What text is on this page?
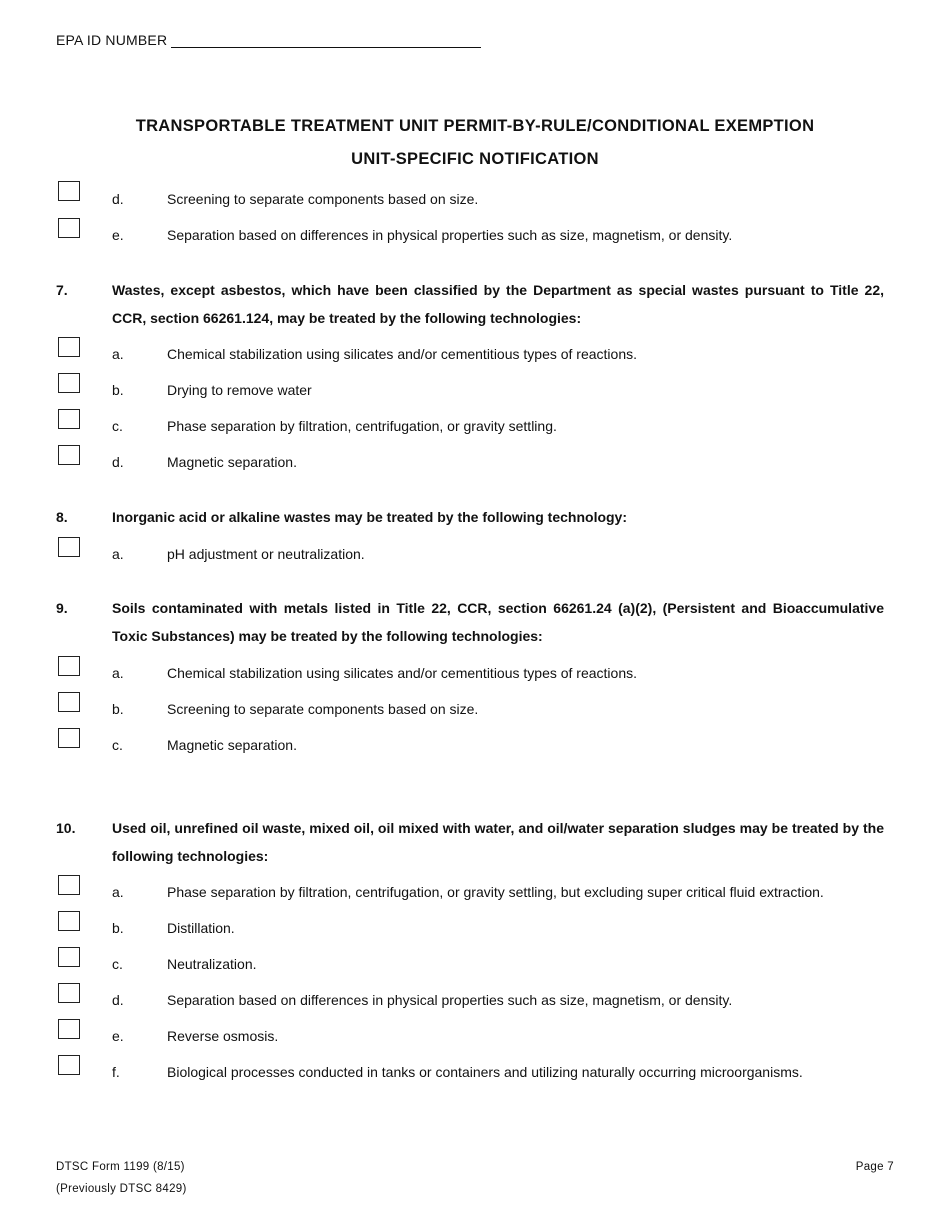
EPA ID NUMBER
TRANSPORTABLE TREATMENT UNIT PERMIT-BY-RULE/CONDITIONAL EXEMPTION
UNIT-SPECIFIC NOTIFICATION
d.	Screening to separate components based on size.
e.	Separation based on differences in physical properties such as size, magnetism, or density.
7.	Wastes, except asbestos, which have been classified by the Department as special wastes pursuant to Title 22, CCR, section 66261.124, may be treated by the following technologies:
a.	Chemical stabilization using silicates and/or cementitious types of reactions.
b.	Drying to remove water
c.	Phase separation by filtration, centrifugation, or gravity settling.
d.	Magnetic separation.
8.	Inorganic acid or alkaline wastes may be treated by the following technology:
a.	pH adjustment or neutralization.
9.	Soils contaminated with metals listed in Title 22, CCR, section 66261.24 (a)(2), (Persistent and Bioaccumulative Toxic Substances) may be treated by the following technologies:
a.	Chemical stabilization using silicates and/or cementitious types of reactions.
b.	Screening to separate components based on size.
c.	Magnetic separation.
10.	Used oil, unrefined oil waste, mixed oil, oil mixed with water, and oil/water separation sludges may be treated by the following technologies:
a.	Phase separation by filtration, centrifugation, or gravity settling, but excluding super critical fluid extraction.
b.	Distillation.
c.	Neutralization.
d.	Separation based on differences in physical properties such as size, magnetism, or density.
e.	Reverse osmosis.
f.	Biological processes conducted in tanks or containers and utilizing naturally occurring microorganisms.
DTSC Form 1199 (8/15)
(Previously DTSC 8429)
Page 7
